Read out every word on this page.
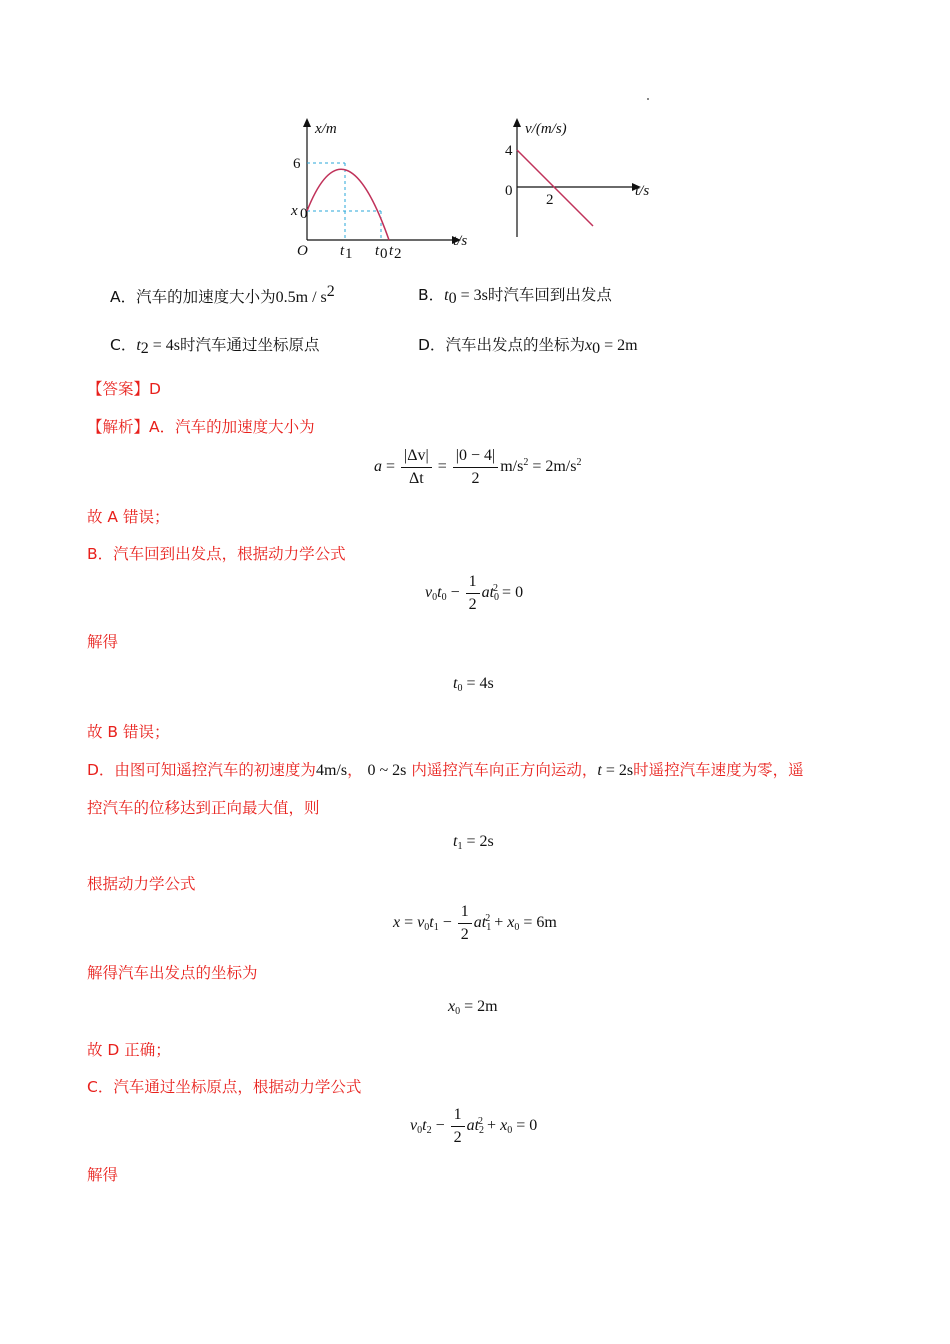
x/m
t/s
6
x 0
O t 1 t 0 t 2
v/(m/s)
t/s
4
0
2
A．汽车的加速度大小为$0.5m / s^2$	B．$t_0 = 3s$时汽车回到出发点
C．$t_2 = 4s$时汽车通过坐标原点	D．汽车出发点的坐标为$x_0 = 2m$
【答案】D
【解析】A．汽车的加速度大小为
$a = \frac{|\Delta v|}{\Delta t} = \frac{|0 - 4|}{2} m/s^2 = 2m/s^2$
故 A 错误；
B．汽车回到出发点，根据动力学公式
$v_0t_0 - \frac{1}{2} at_0^2 = 0$
解得
$t_0 = 4s$
故 B 错误；
D．由图可知遥控汽车的初速度为4m/s， 0 ~ 2s 内遥控汽车向正方向运动，t = 2s时遥控汽车速度为零，遥
控汽车的位移达到正向最大值，则
$t_1 = 2s$
根据动力学公式
$x = v_0t_1 - \frac{1}{2} at_1^2 + x_0 = 6m$
解得汽车出发点的坐标为
$x_0 = 2m$
故 D 正确；
C．汽车通过坐标原点，根据动力学公式
$v_0t_2 - \frac{1}{2} at_2^2 + x_0 = 0$
解得
